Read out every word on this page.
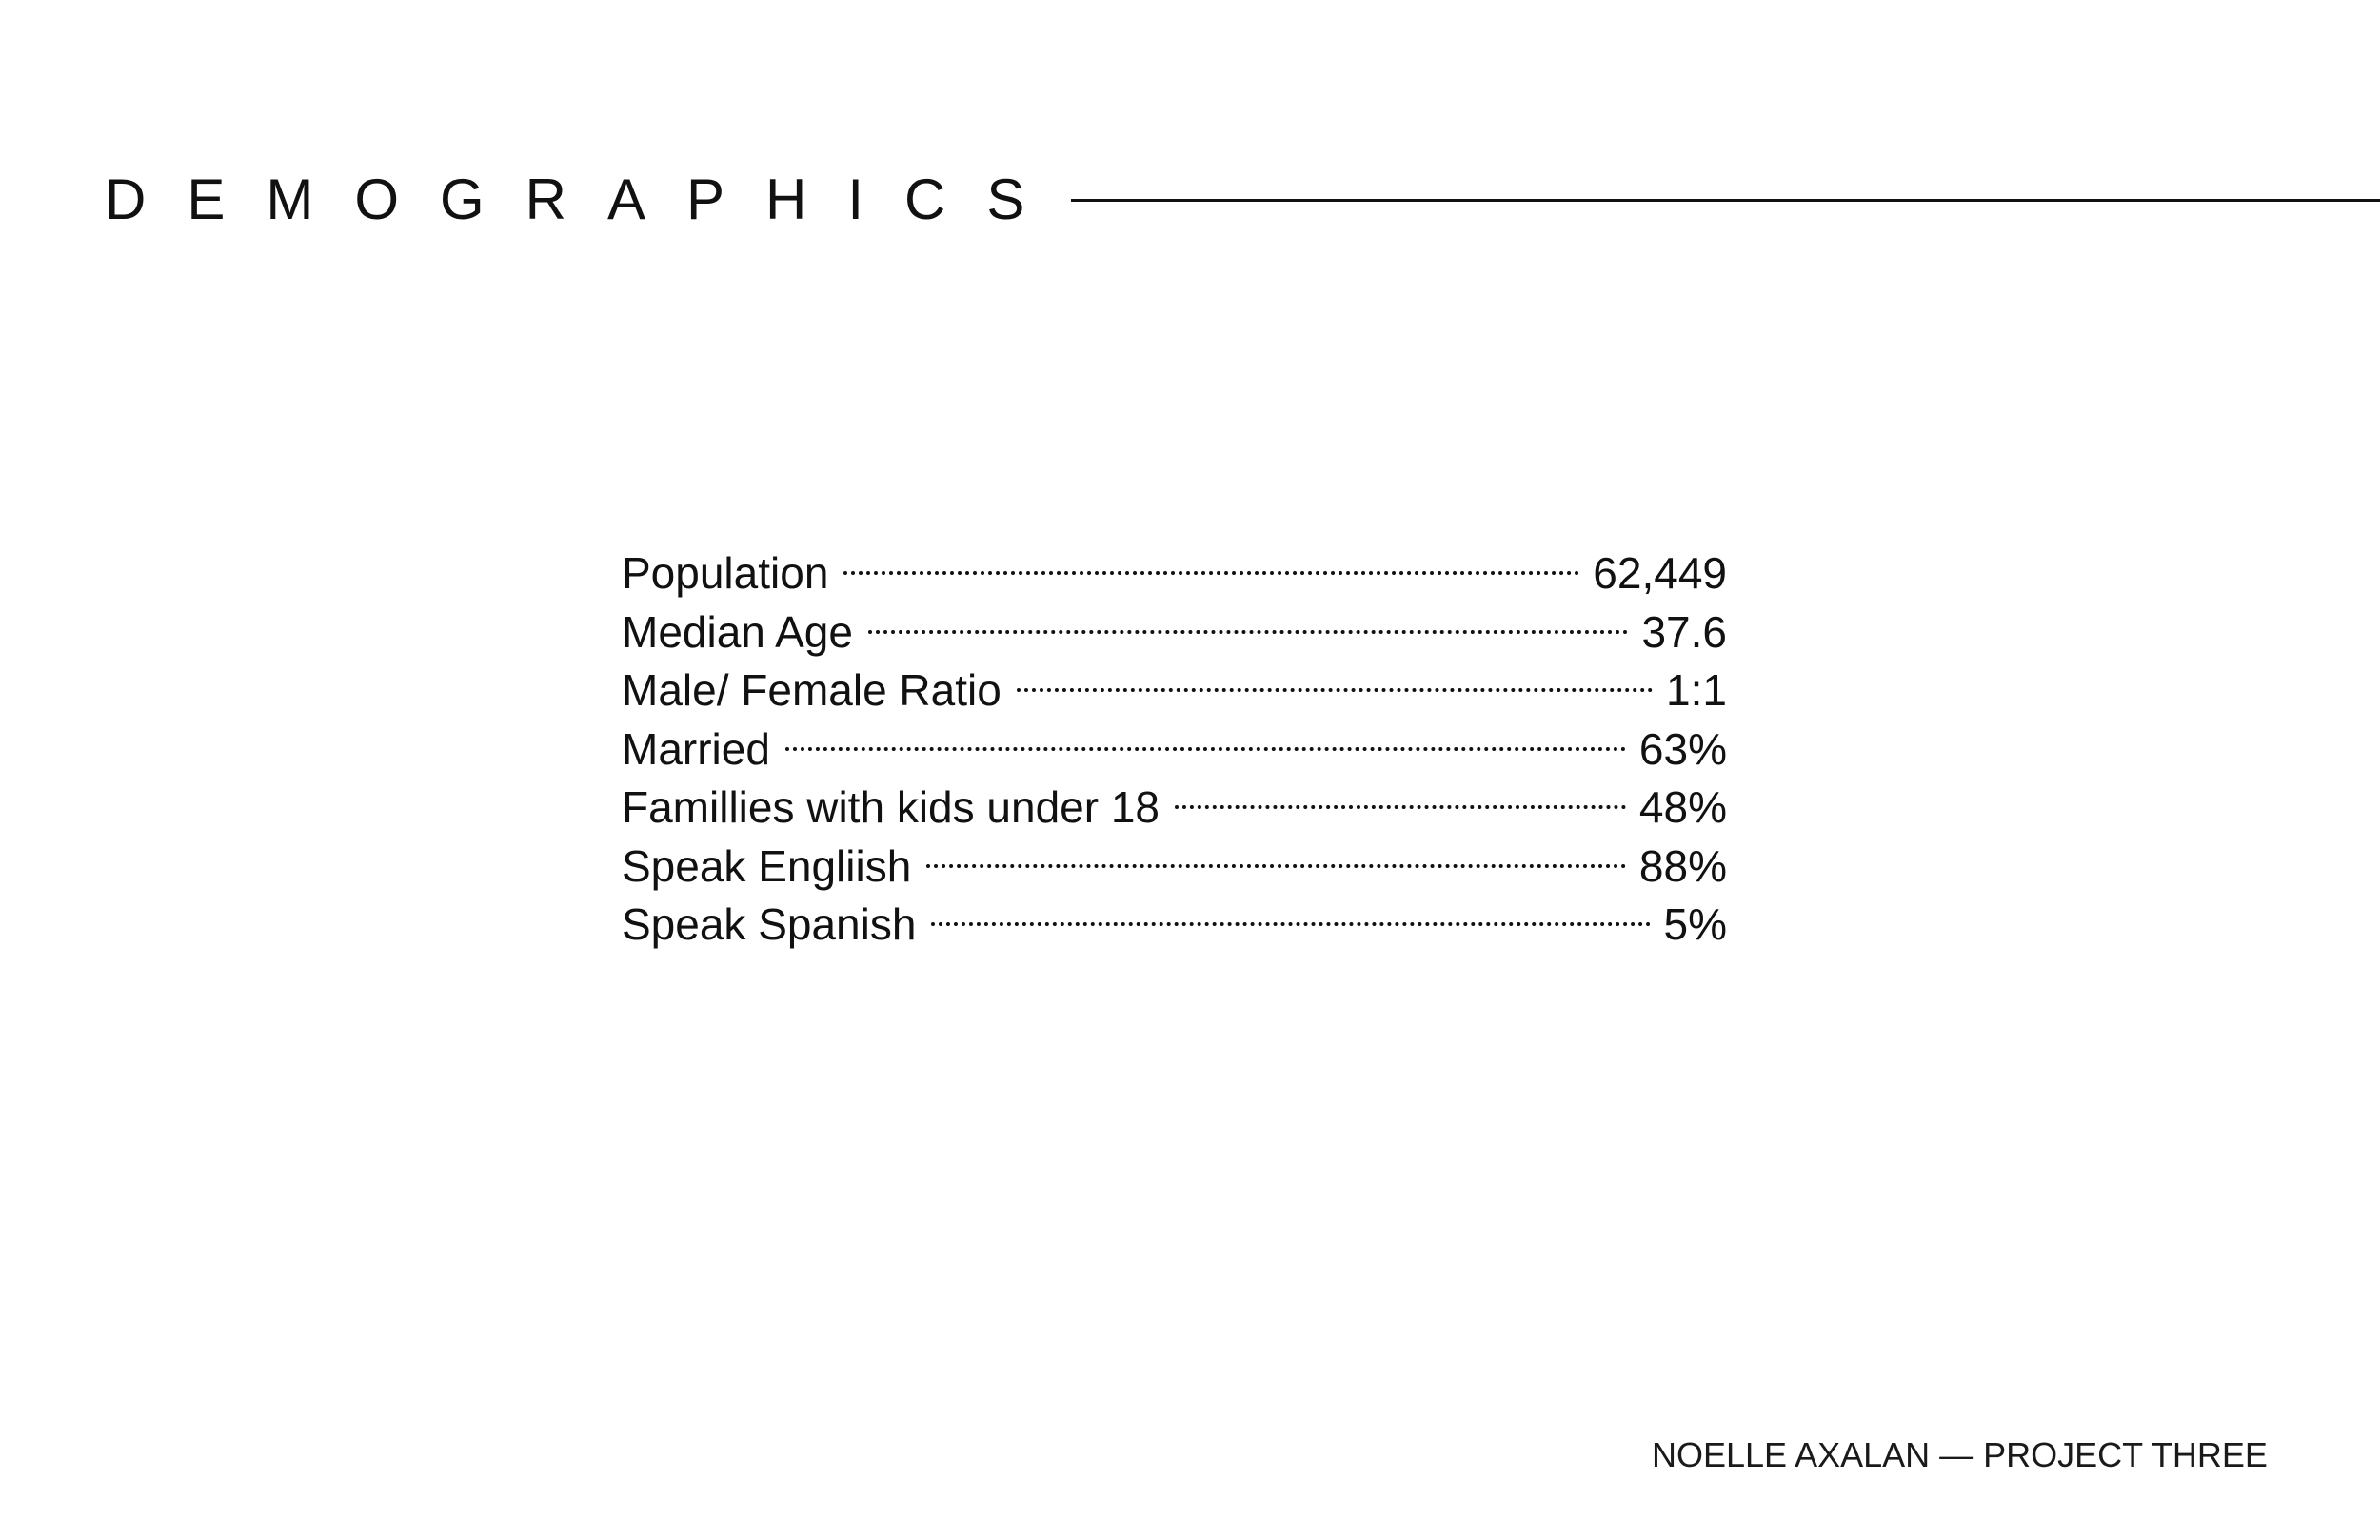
DEMOGRAPHICS
Population	62,449
Median Age	37.6
Male/ Female Ratio	1:1
Married	63%
Famillies with kids under 18	48%
Speak Engliish	88%
Speak Spanish	5%
NOELLE AXALAN — PROJECT THREE
